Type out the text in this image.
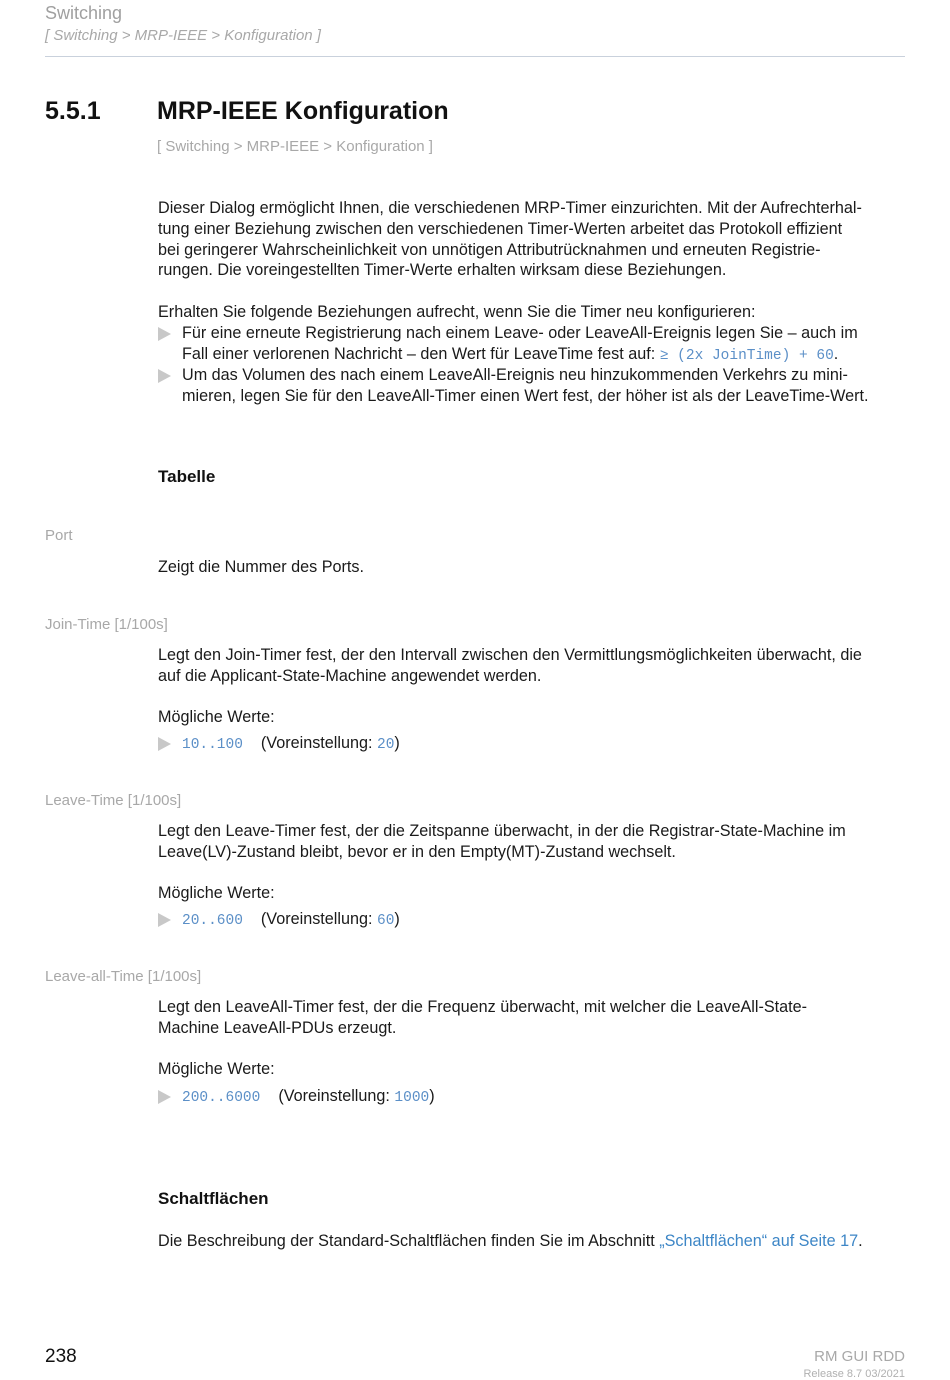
Switching
[ Switching > MRP-IEEE > Konfiguration ]
5.5.1 MRP-IEEE Konfiguration
[ Switching > MRP-IEEE > Konfiguration ]
Dieser Dialog ermöglicht Ihnen, die verschiedenen MRP-Timer einzurichten. Mit der Aufrechterhal-
tung einer Beziehung zwischen den verschiedenen Timer-Werten arbeitet das Protokoll effizient
bei geringerer Wahrscheinlichkeit von unnötigen Attributrücknahmen und erneuten Registrie-
rungen. Die voreingestellten Timer-Werte erhalten wirksam diese Beziehungen.
Erhalten Sie folgende Beziehungen aufrecht, wenn Sie die Timer neu konfigurieren:
Für eine erneute Registrierung nach einem Leave- oder LeaveAll-Ereignis legen Sie – auch im
Fall einer verlorenen Nachricht – den Wert für LeaveTime fest auf: ≥ (2x JoinTime) + 60.
Um das Volumen des nach einem LeaveAll-Ereignis neu hinzukommenden Verkehrs zu mini-
mieren, legen Sie für den LeaveAll-Timer einen Wert fest, der höher ist als der LeaveTime-Wert.
Tabelle
Port
Zeigt die Nummer des Ports.
Join-Time [1/100s]
Legt den Join-Timer fest, der den Intervall zwischen den Vermittlungsmöglichkeiten überwacht, die
auf die Applicant-State-Machine angewendet werden.
Mögliche Werte:
10..100 (Voreinstellung: 20)
Leave-Time [1/100s]
Legt den Leave-Timer fest, der die Zeitspanne überwacht, in der die Registrar-State-Machine im
Leave(LV)-Zustand bleibt, bevor er in den Empty(MT)-Zustand wechselt.
Mögliche Werte:
20..600 (Voreinstellung: 60)
Leave-all-Time [1/100s]
Legt den LeaveAll-Timer fest, der die Frequenz überwacht, mit welcher die LeaveAll-State-
Machine LeaveAll-PDUs erzeugt.
Mögliche Werte:
200..6000 (Voreinstellung: 1000)
Schaltflächen
Die Beschreibung der Standard-Schaltflächen finden Sie im Abschnitt „Schaltflächen“ auf Seite 17.
238	RM GUI RDD
Release 8.7 03/2021
